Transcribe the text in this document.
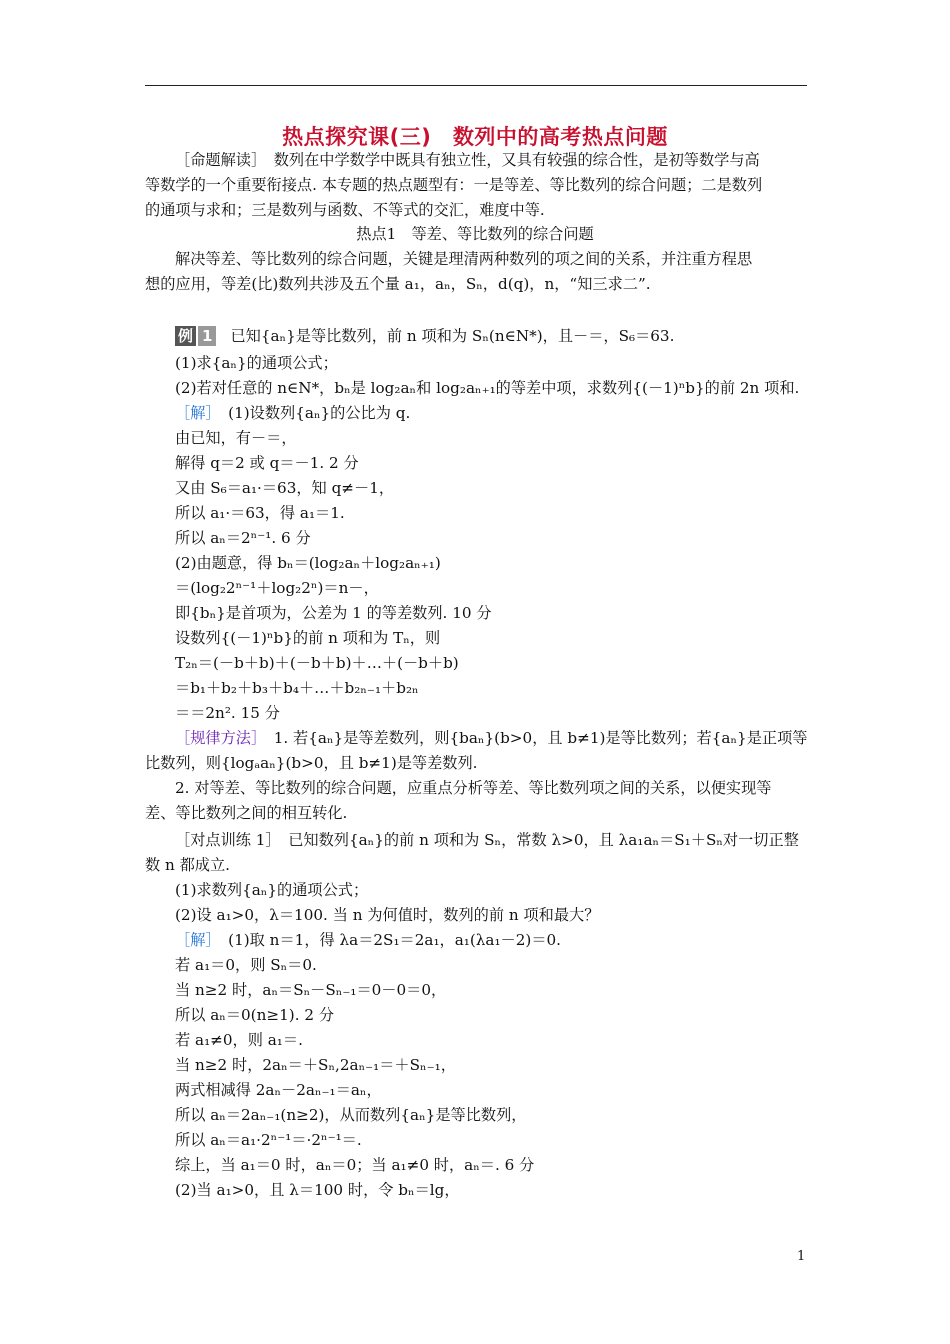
热点探究课(三)　数列中的高考热点问题
［命题解读］　数列在中学数学中既具有独立性，又具有较强的综合性，是初等数学与高
等数学的一个重要衔接点. 本专题的热点题型有：一是等差、等比数列的综合问题；二是数列
的通项与求和；三是数列与函数、不等式的交汇，难度中等.
热点1　等差、等比数列的综合问题
解决等差、等比数列的综合问题，关键是理清两种数列的项之间的关系，并注重方程思
想的应用，等差(比)数列共涉及五个量 a₁，aₙ，Sₙ，d(q)，n，“知三求二”.
例 1 已知{aₙ}是等比数列，前 n 项和为 Sₙ(n∈N*)，且－＝，S₆＝63.
(1)求{aₙ}的通项公式；
(2)若对任意的 n∈N*，bₙ是 log₂aₙ和 log₂aₙ₊₁的等差中项，求数列{(－1)ⁿb}的前 2n 项和.
［解］　(1)设数列{aₙ}的公比为 q.
由已知，有－＝，
解得 q＝2 或 q＝－1. 2 分
又由 S₆＝a₁·＝63，知 q≠－1，
所以 a₁·＝63，得 a₁＝1.
所以 aₙ＝2ⁿ⁻¹. 6 分
(2)由题意，得 bₙ＝(log₂aₙ＋log₂aₙ₊₁)
＝(log₂2ⁿ⁻¹＋log₂2ⁿ)＝n－，
即{bₙ}是首项为，公差为 1 的等差数列. 10 分
设数列{(－1)ⁿb}的前 n 项和为 Tₙ，则
T₂ₙ＝(－b＋b)＋(－b＋b)＋…＋(－b＋b)
＝b₁＋b₂＋b₃＋b₄＋…＋b₂ₙ₋₁＋b₂ₙ
＝＝2n². 15 分
［规律方法］　1. 若{aₙ}是等差数列，则{baₙ}(b>0，且 b≠1)是等比数列；若{aₙ}是正项等
比数列，则{logₐaₙ}(b>0，且 b≠1)是等差数列.
2. 对等差、等比数列的综合问题，应重点分析等差、等比数列项之间的关系，以便实现等
差、等比数列之间的相互转化.
［对点训练 1］　已知数列{aₙ}的前 n 项和为 Sₙ，常数 λ>0，且 λa₁aₙ＝S₁＋Sₙ对一切正整
数 n 都成立.
(1)求数列{aₙ}的通项公式；
(2)设 a₁>0，λ＝100. 当 n 为何值时，数列的前 n 项和最大？
［解］　(1)取 n＝1，得 λa＝2S₁＝2a₁，a₁(λa₁－2)＝0.
若 a₁＝0，则 Sₙ＝0.
当 n≥2 时，aₙ＝Sₙ－Sₙ₋₁＝0－0＝0，
所以 aₙ＝0(n≥1). 2 分
若 a₁≠0，则 a₁＝.
当 n≥2 时，2aₙ＝＋Sₙ,2aₙ₋₁＝＋Sₙ₋₁，
两式相减得 2aₙ－2aₙ₋₁＝aₙ，
所以 aₙ＝2aₙ₋₁(n≥2)，从而数列{aₙ}是等比数列，
所以 aₙ＝a₁·2ⁿ⁻¹＝·2ⁿ⁻¹＝.
综上，当 a₁＝0 时，aₙ＝0；当 a₁≠0 时，aₙ＝. 6 分
(2)当 a₁>0，且 λ＝100 时，令 bₙ＝lg，
1
